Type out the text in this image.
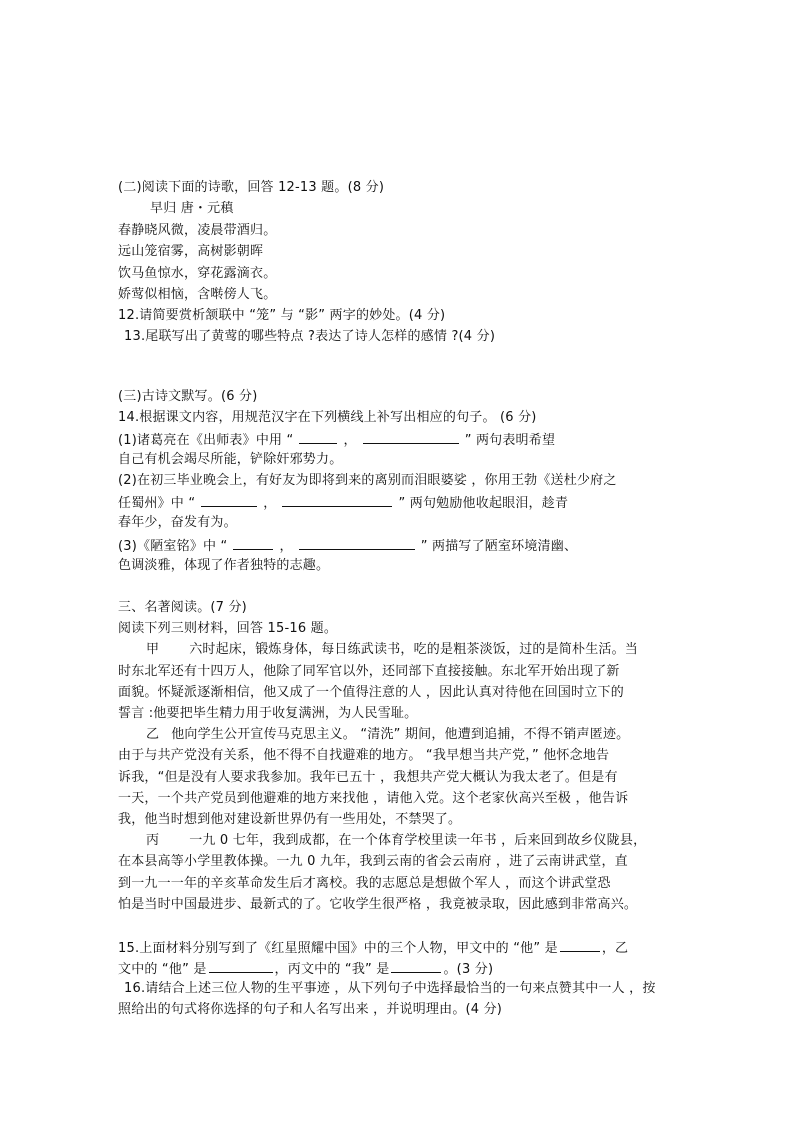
(二)阅读下面的诗歌，回答 12-13 题。(8 分)
早归 唐・元稹
春静晓风微，凌晨带酒归。
远山笼宿雾，高树影朝晖
饮马鱼惊水，穿花露滴衣。
娇莺似相恼，含啭傍人飞。
12.请简要赏析颔联中 “笼” 与 “影” 两字的妙处。(4 分)
13.尾联写出了黄莺的哪些特点 ?表达了诗人怎样的感情 ?(4 分)
(三)古诗文默写。(6 分)
14.根据课文内容，用规范汉字在下列横线上补写出相应的句子。 (6 分)
(1)诸葛亮在《出师表》中用 “	，	” 两句表明希望
自己有机会竭尽所能，铲除奸邪势力。
(2)在初三毕业晚会上，有好友为即将到来的离别而泪眼婆娑 ，你用王勃《送杜少府之
任蜀州》中 “	，	” 两句勉励他收起眼泪，趁青
春年少，奋发有为。
(3)《陋室铭》中 “	，	” 两描写了陋室环境清幽、
色调淡雅，体现了作者独特的志趣。
三、名著阅读。(7 分)
阅读下列三则材料，回答 15-16 题。
甲 六时起床，锻炼身体，每日练武读书，吃的是粗茶淡饭，过的是简朴生活。当
时东北军还有十四万人，他除了同军官以外，还同部下直接接触。东北军开始出现了新
面貌。怀疑派逐渐相信，他又成了一个值得注意的人 ，因此认真对待他在回国时立下的
誓言 :他要把毕生精力用于收复满洲，为人民雪耻。
乙 他向学生公开宣传马克思主义。 “清洗” 期间，他遭到追捕，不得不销声匿迹。
由于与共产党没有关系，他不得不自找避难的地方。 “我早想当共产党，” 他怀念地告
诉我，“但是没有人要求我参加。我年已五十 ，我想共产党大概认为我太老了。但是有
一天，一个共产党员到他避难的地方来找他 ，请他入党。这个老家伙高兴至极 ，他告诉
我，他当时想到他对建设新世界仍有一些用处，不禁哭了。
丙 一九 0 七年，我到成都，在一个体育学校里读一年书 ，后来回到故乡仪陇县，
在本县高等小学里教体操。一九 0 九年，我到云南的省会云南府 ，进了云南讲武堂，直
到一九一一年的辛亥革命发生后才离校。我的志愿总是想做个军人 ，而这个讲武堂恐
怕是当时中国最进步、最新式的了。它收学生很严格 ，我竟被录取，因此感到非常高兴。
15.上面材料分别写到了《红星照耀中国》中的三个人物，甲文中的 “他” 是	，乙
文中的 “他” 是	，丙文中的 “我” 是	。(3 分)
16.请结合上述三位人物的生平事迹 ，从下列句子中选择最恰当的一句来点赞其中一人 ，按
照给出的句式将你选择的句子和人名写出来 ，并说明理由。(4 分)
